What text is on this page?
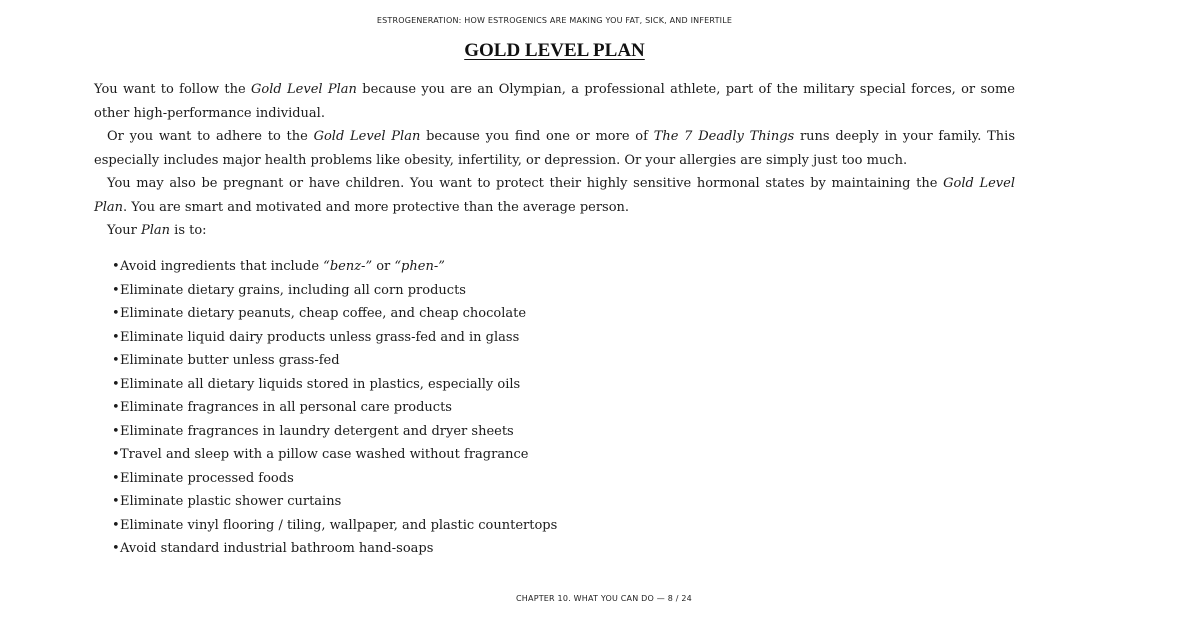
ESTROGENERATION: HOW ESTROGENICS ARE MAKING YOU FAT, SICK, AND INFERTILE
GOLD LEVEL PLAN

You want to follow the Gold Level Plan because you are an Olympian, a professional athlete, part of the military special forces, or some other high-performance individual.

Or you want to adhere to the Gold Level Plan because you find one or more of The 7 Deadly Things runs deeply in your family. This especially includes major health problems like obesity, infertility, or depression. Or your allergies are simply just too much.

You may also be pregnant or have children. You want to protect their highly sensitive hormonal states by maintaining the Gold Level Plan. You are smart and motivated and more protective than the average person.

Your Plan is to:

•Avoid ingredients that include “benz-” or “phen-”
•Eliminate dietary grains, including all corn products
•Eliminate dietary peanuts, cheap coffee, and cheap chocolate
•Eliminate liquid dairy products unless grass-fed and in glass
•Eliminate butter unless grass-fed
•Eliminate all dietary liquids stored in plastics, especially oils
•Eliminate fragrances in all personal care products
•Eliminate fragrances in laundry detergent and dryer sheets
•Travel and sleep with a pillow case washed without fragrance
•Eliminate processed foods
•Eliminate plastic shower curtains
•Eliminate vinyl flooring / tiling, wallpaper, and plastic countertops
•Avoid standard industrial bathroom hand-soaps
CHAPTER 10. WHAT YOU CAN DO — 8 / 24
